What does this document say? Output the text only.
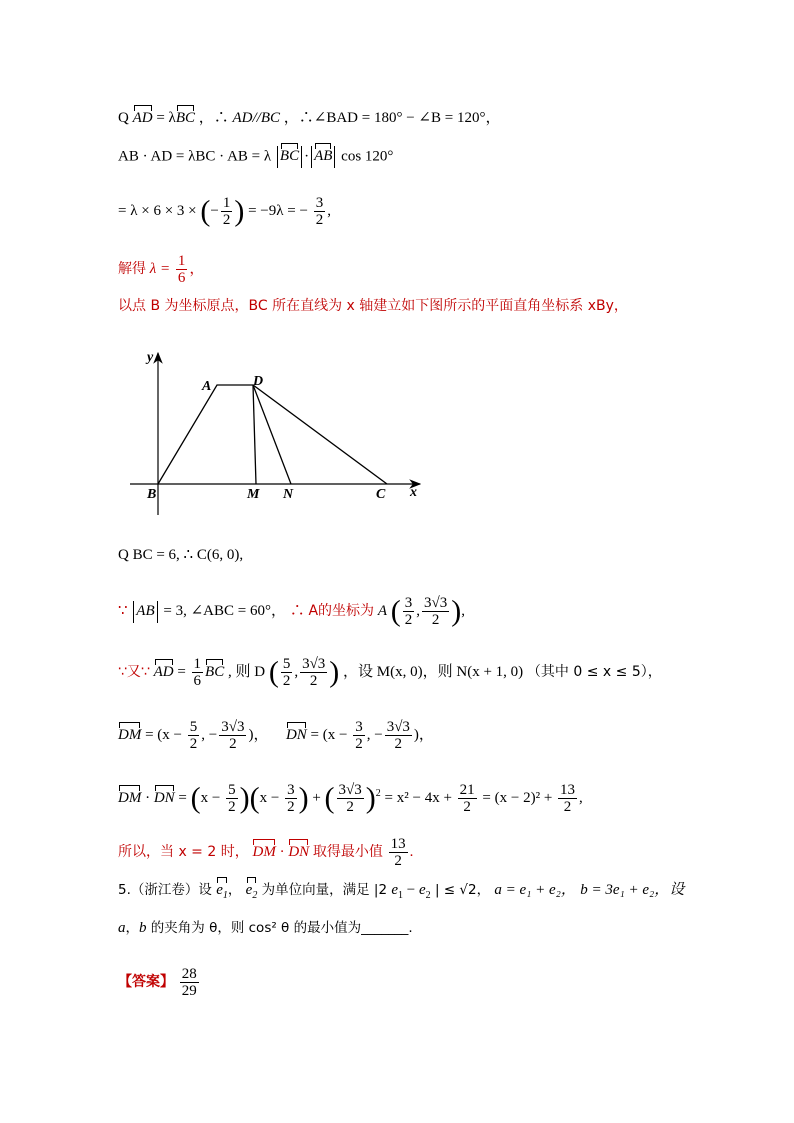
Q AD = λBC ，∴ AD//BC ，∴∠BAD = 180° − ∠B = 120°，
AB · AD = λBC · AB = λ BC · AB cos 120°
= λ × 6 × 3 × (− $\frac{1}{2}$ ) = −9λ = − $\frac{3}{2}$ ,
解得 $\lambda = \frac{1}{6}$ ，
以点 B 为坐标原点，BC 所在直线为 x 轴建立如下图所示的平面直角坐标系 xBy，
y
x
A	D
B	M N	C
Q BC = 6, ∴ C(6, 0),
∵ AB = 3, ∠ABC = 60°， ∴ A的坐标为 A ( $\frac{3}{2}$ , $\frac{3√3}{2}$ ),
∵又∵ AD = $\frac{1}{6}$ BC , 则 D ( $\frac{5}{2}$ , $\frac{3√3}{2}$ ) ，设 M(x, 0)，则 N(x + 1, 0) （其中 0 ≤ x ≤ 5），
DM = ($x - \frac{5}{2}$ , − $\frac{3√3}{2}$ )，  DN = ($x - \frac{3}{2}$ , − $\frac{3√3}{2}$ )，
DM · DN = $(x - \frac{5}{2} )(x - \frac{3}{2}$ ) + ( $\frac{3√3}{2} )^2 = x^2 - 4x + \frac{21}{2} = (x - 2)^2 + \frac{13}{2}$ ,
所以，当 x = 2 时， DM · DN 取得最小值 $\frac{13}{2}$ .
5.（浙江卷）设 $e_1$， $e_2$ 为单位向量，满足 |2 $e_1 - e_2$ | ≤ √2， a = e₁ + e₂， b = 3e₁ + e₂，设
a，b 的夹角为 θ，则 cos² θ 的最小值为_______.
【答案】 $\frac{28}{29}$
